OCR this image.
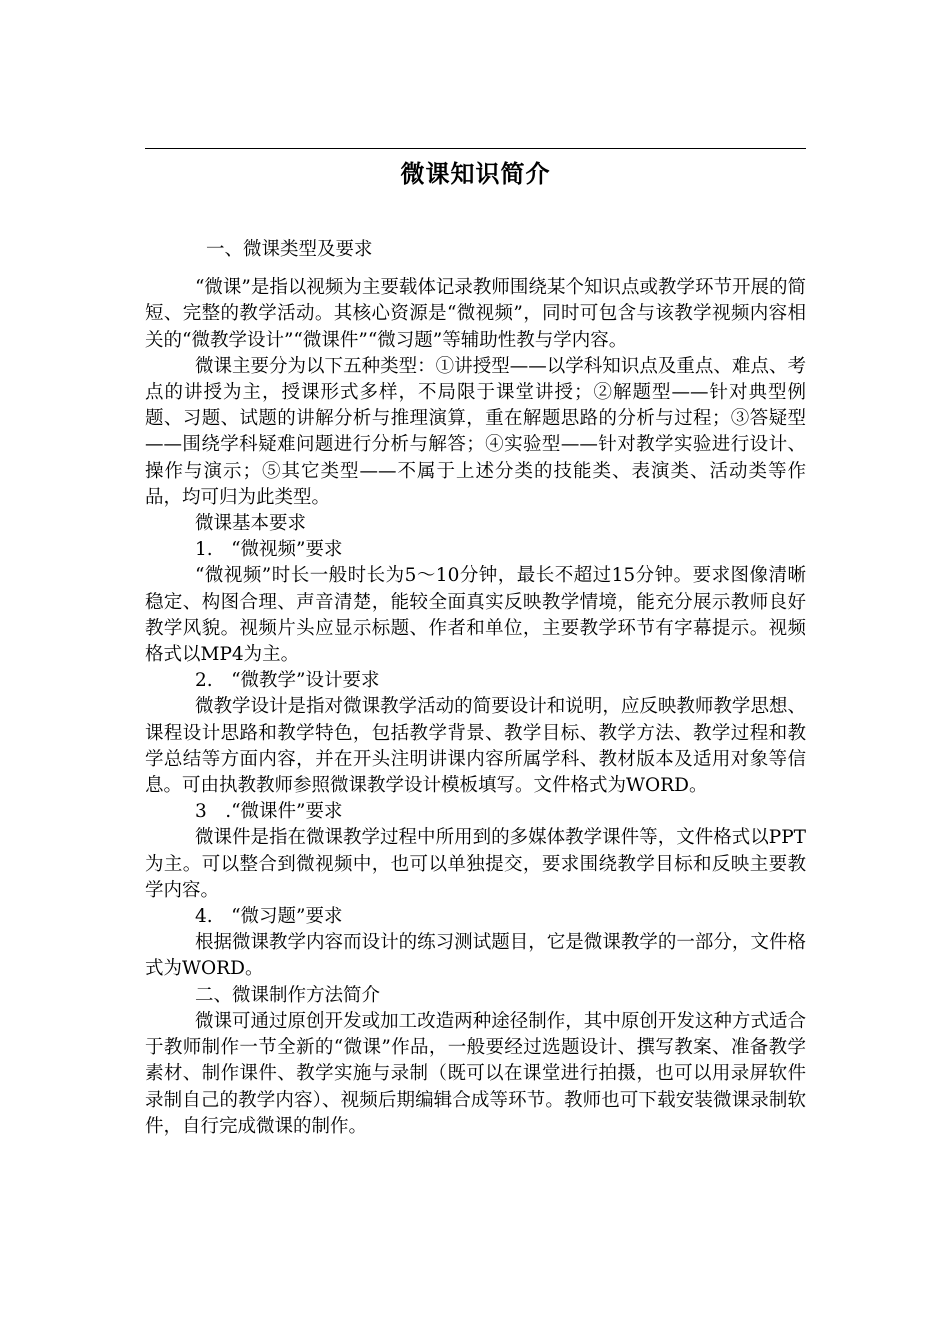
微课知识简介

一、微课类型及要求

“微课”是指以视频为主要载体记录教师围绕某个知识点或教学环节开展的简短、完整的教学活动。其核心资源是“微视频”，同时可包含与该教学视频内容相关的“微教学设计”“微课件”“微习题”等辅助性教与学内容。

微课主要分为以下五种类型：①讲授型——以学科知识点及重点、难点、考点的讲授为主，授课形式多样，不局限于课堂讲授；②解题型——针对典型例题、习题、试题的讲解分析与推理演算，重在解题思路的分析与过程；③答疑型——围绕学科疑难问题进行分析与解答；④实验型——针对教学实验进行设计、操作与演示；⑤其它类型——不属于上述分类的技能类、表演类、活动类等作品，均可归为此类型。

微课基本要求

1.　“微视频”要求

“微视频”时长一般时长为5～10分钟，最长不超过15分钟。要求图像清晰稳定、构图合理、声音清楚，能较全面真实反映教学情境，能充分展示教师良好教学风貌。视频片头应显示标题、作者和单位，主要教学环节有字幕提示。视频格式以MP4为主。

2.　“微教学”设计要求

微教学设计是指对微课教学活动的简要设计和说明，应反映教师教学思想、课程设计思路和教学特色，包括教学背景、教学目标、教学方法、教学过程和教学总结等方面内容，并在开头注明讲课内容所属学科、教材版本及适用对象等信息。可由执教教师参照微课教学设计模板填写。文件格式为WORD。

3　.“微课件”要求

微课件是指在微课教学过程中所用到的多媒体教学课件等，文件格式以PPT为主。可以整合到微视频中，也可以单独提交，要求围绕教学目标和反映主要教学内容。

4.　“微习题”要求

根据微课教学内容而设计的练习测试题目，它是微课教学的一部分，文件格式为WORD。

二、微课制作方法简介

微课可通过原创开发或加工改造两种途径制作，其中原创开发这种方式适合于教师制作一节全新的“微课”作品，一般要经过选题设计、撰写教案、准备教学素材、制作课件、教学实施与录制（既可以在课堂进行拍摄，也可以用录屏软件录制自己的教学内容）、视频后期编辑合成等环节。教师也可下载安装微课录制软件，自行完成微课的制作。
